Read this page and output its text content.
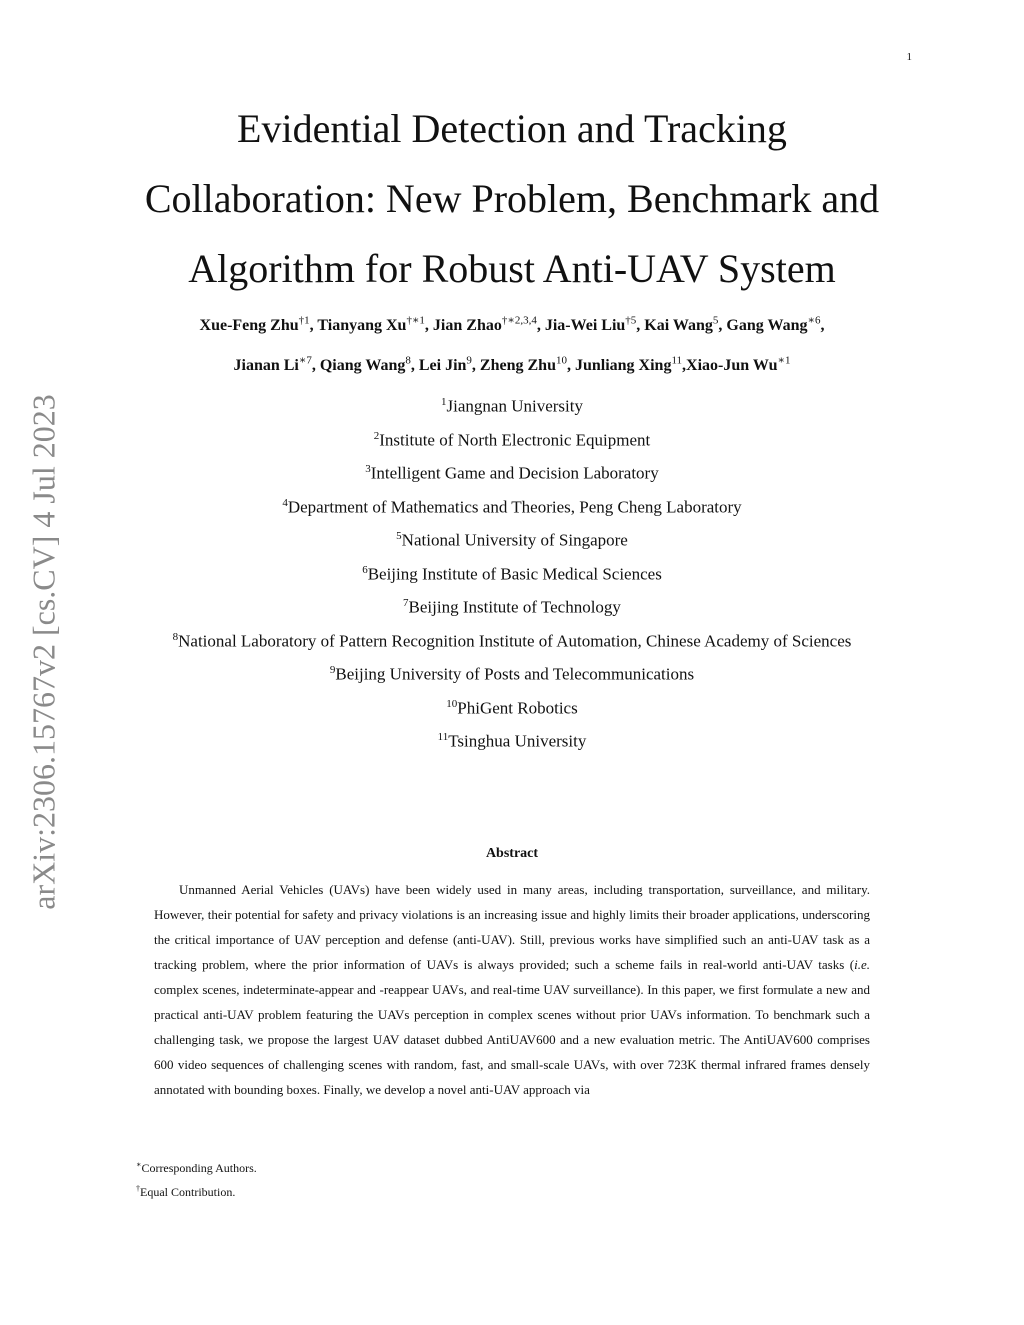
1
arXiv:2306.15767v2 [cs.CV] 4 Jul 2023
Evidential Detection and Tracking
Collaboration: New Problem, Benchmark and
Algorithm for Robust Anti-UAV System
Xue-Feng Zhu$^{\dagger 1}$, Tianyang $Xu^{\dagger∗1}$, Jian Zhao$^{\dagger∗2,3,4}$, Jia-Wei Liu$^{\dagger 5}$, Kai Wang$^5$, Gang Wang$^{∗6}$,
Jianan $Li^{∗7}$, Qiang Wang$^8$, Lei Jin$^9$, Zheng Zhu$^{10}$, Junliang Xing$^{11}$,Xiao-Jun $Wu^{∗1}$
$^1$Jiangnan University
$^2$Institute of North Electronic Equipment
$^3$Intelligent Game and Decision Laboratory
$^4$Department of Mathematics and Theories, Peng Cheng Laboratory
$^5$National University of Singapore
$^6$Beijing Institute of Basic Medical Sciences
$^7$Beijing Institute of Technology
$^8$National Laboratory of Pattern Recognition Institute of Automation, Chinese Academy of Sciences
$^9$Beijing University of Posts and Telecommunications
$^{10}$PhiGent Robotics
$^{11}$Tsinghua University
Abstract

Unmanned Aerial Vehicles (UAVs) have been widely used in many areas, including transportation, surveillance, and military. However, their potential for safety and privacy violations is an increasing issue and highly limits their broader applications, underscoring the critical importance of UAV perception and defense (anti-UAV). Still, previous works have simplified such an anti-UAV task as a tracking problem, where the prior information of UAVs is always provided; such a scheme fails in real-world anti-UAV tasks (i.e. complex scenes, indeterminate-appear and -reappear UAVs, and real-time UAV surveillance). In this paper, we first formulate a new and practical anti-UAV problem featuring the UAVs perception in complex scenes without prior UAVs information. To benchmark such a challenging task, we propose the largest UAV dataset dubbed AntiUAV600 and a new evaluation metric. The AntiUAV600 comprises 600 video sequences of challenging scenes with random, fast, and small-scale UAVs, with over 723K thermal infrared frames densely annotated with bounding boxes. Finally, we develop a novel anti-UAV approach via

∗Corresponding Authors.
†Equal Contribution.
